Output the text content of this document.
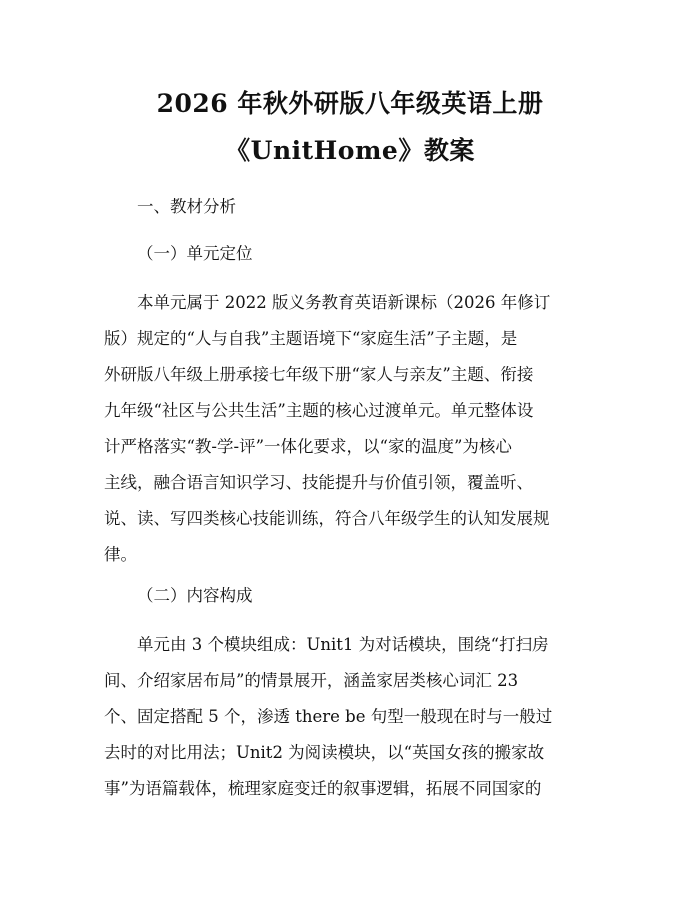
2026 年秋外研版八年级英语上册
《UnitHome》教案
一、教材分析
（一）单元定位
本单元属于 2022 版义务教育英语新课标（2026 年修订
版）规定的“人与自我”主题语境下“家庭生活”子主题，是
外研版八年级上册承接七年级下册“家人与亲友”主题、衔接
九年级“社区与公共生活”主题的核心过渡单元。单元整体设
计严格落实“教-学-评”一体化要求，以“家的温度”为核心
主线，融合语言知识学习、技能提升与价值引领，覆盖听、
说、读、写四类核心技能训练，符合八年级学生的认知发展规
律。
（二）内容构成
单元由 3 个模块组成：Unit1 为对话模块，围绕“打扫房
间、介绍家居布局”的情景展开，涵盖家居类核心词汇 23
个、固定搭配 5 个，渗透 there be 句型一般现在时与一般过
去时的对比用法；Unit2 为阅读模块，以“英国女孩的搬家故
事”为语篇载体，梳理家庭变迁的叙事逻辑，拓展不同国家的
